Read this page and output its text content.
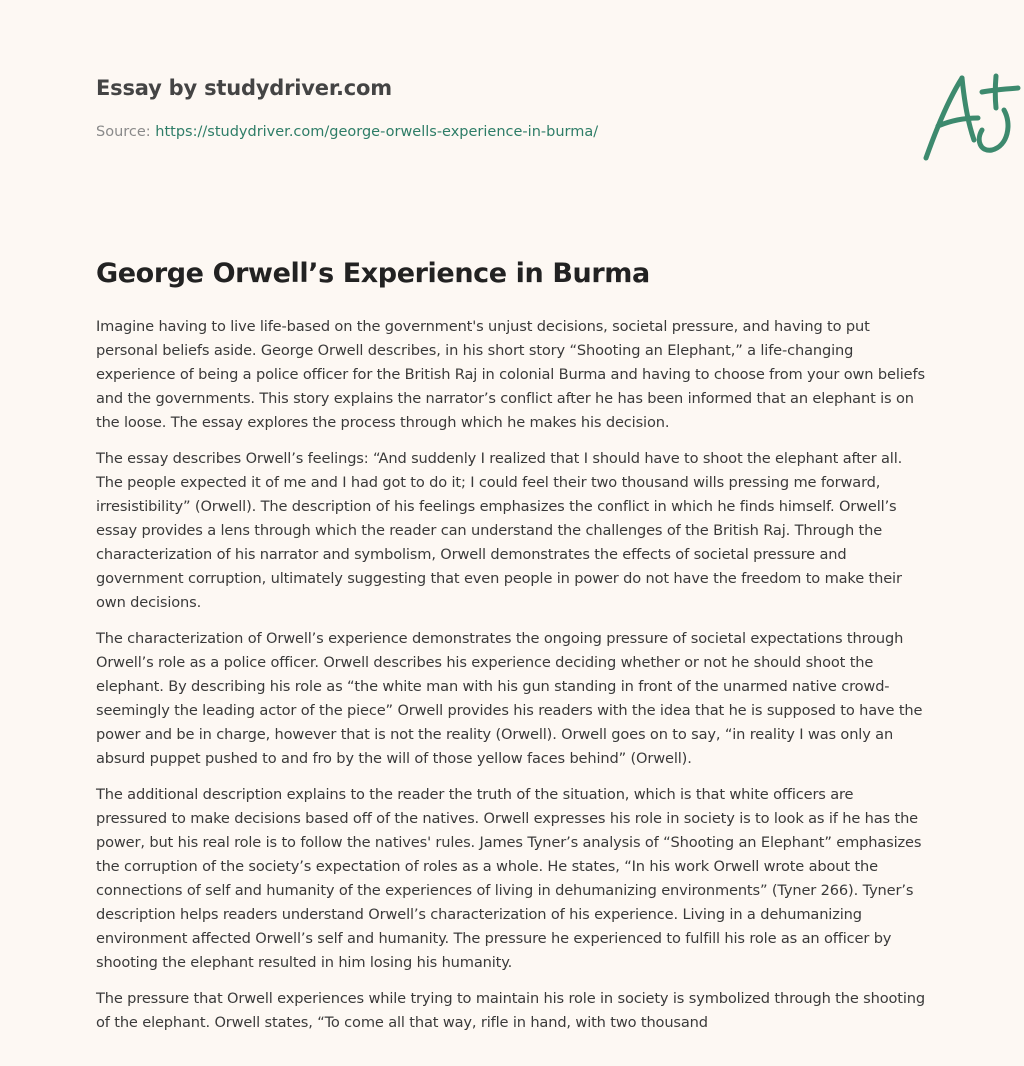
Essay by studydriver.com
Source: https://studydriver.com/george-orwells-experience-in-burma/
George Orwell’s Experience in Burma

Imagine having to live life-based on the government's unjust decisions, societal pressure, and having to put personal beliefs aside. George Orwell describes, in his short story “Shooting an Elephant,” a life-changing experience of being a police officer for the British Raj in colonial Burma and having to choose from your own beliefs and the governments. This story explains the narrator’s conflict after he has been informed that an elephant is on the loose. The essay explores the process through which he makes his decision.

The essay describes Orwell’s feelings: “And suddenly I realized that I should have to shoot the elephant after all. The people expected it of me and I had got to do it; I could feel their two thousand wills pressing me forward, irresistibility” (Orwell). The description of his feelings emphasizes the conflict in which he finds himself. Orwell’s essay provides a lens through which the reader can understand the challenges of the British Raj. Through the characterization of his narrator and symbolism, Orwell demonstrates the effects of societal pressure and government corruption, ultimately suggesting that even people in power do not have the freedom to make their own decisions.

The characterization of Orwell’s experience demonstrates the ongoing pressure of societal expectations through Orwell’s role as a police officer. Orwell describes his experience deciding whether or not he should shoot the elephant. By describing his role as “the white man with his gun standing in front of the unarmed native crowd-seemingly the leading actor of the piece” Orwell provides his readers with the idea that he is supposed to have the power and be in charge, however that is not the reality (Orwell). Orwell goes on to say, “in reality I was only an absurd puppet pushed to and fro by the will of those yellow faces behind” (Orwell).

The additional description explains to the reader the truth of the situation, which is that white officers are pressured to make decisions based off of the natives. Orwell expresses his role in society is to look as if he has the power, but his real role is to follow the natives' rules. James Tyner’s analysis of “Shooting an Elephant” emphasizes the corruption of the society’s expectation of roles as a whole. He states, “In his work Orwell wrote about the connections of self and humanity of the experiences of living in dehumanizing environments” (Tyner 266). Tyner’s description helps readers understand Orwell’s characterization of his experience. Living in a dehumanizing environment affected Orwell’s self and humanity. The pressure he experienced to fulfill his role as an officer by shooting the elephant resulted in him losing his humanity.

The pressure that Orwell experiences while trying to maintain his role in society is symbolized through the shooting of the elephant. Orwell states, “To come all that way, rifle in hand, with two thousand
